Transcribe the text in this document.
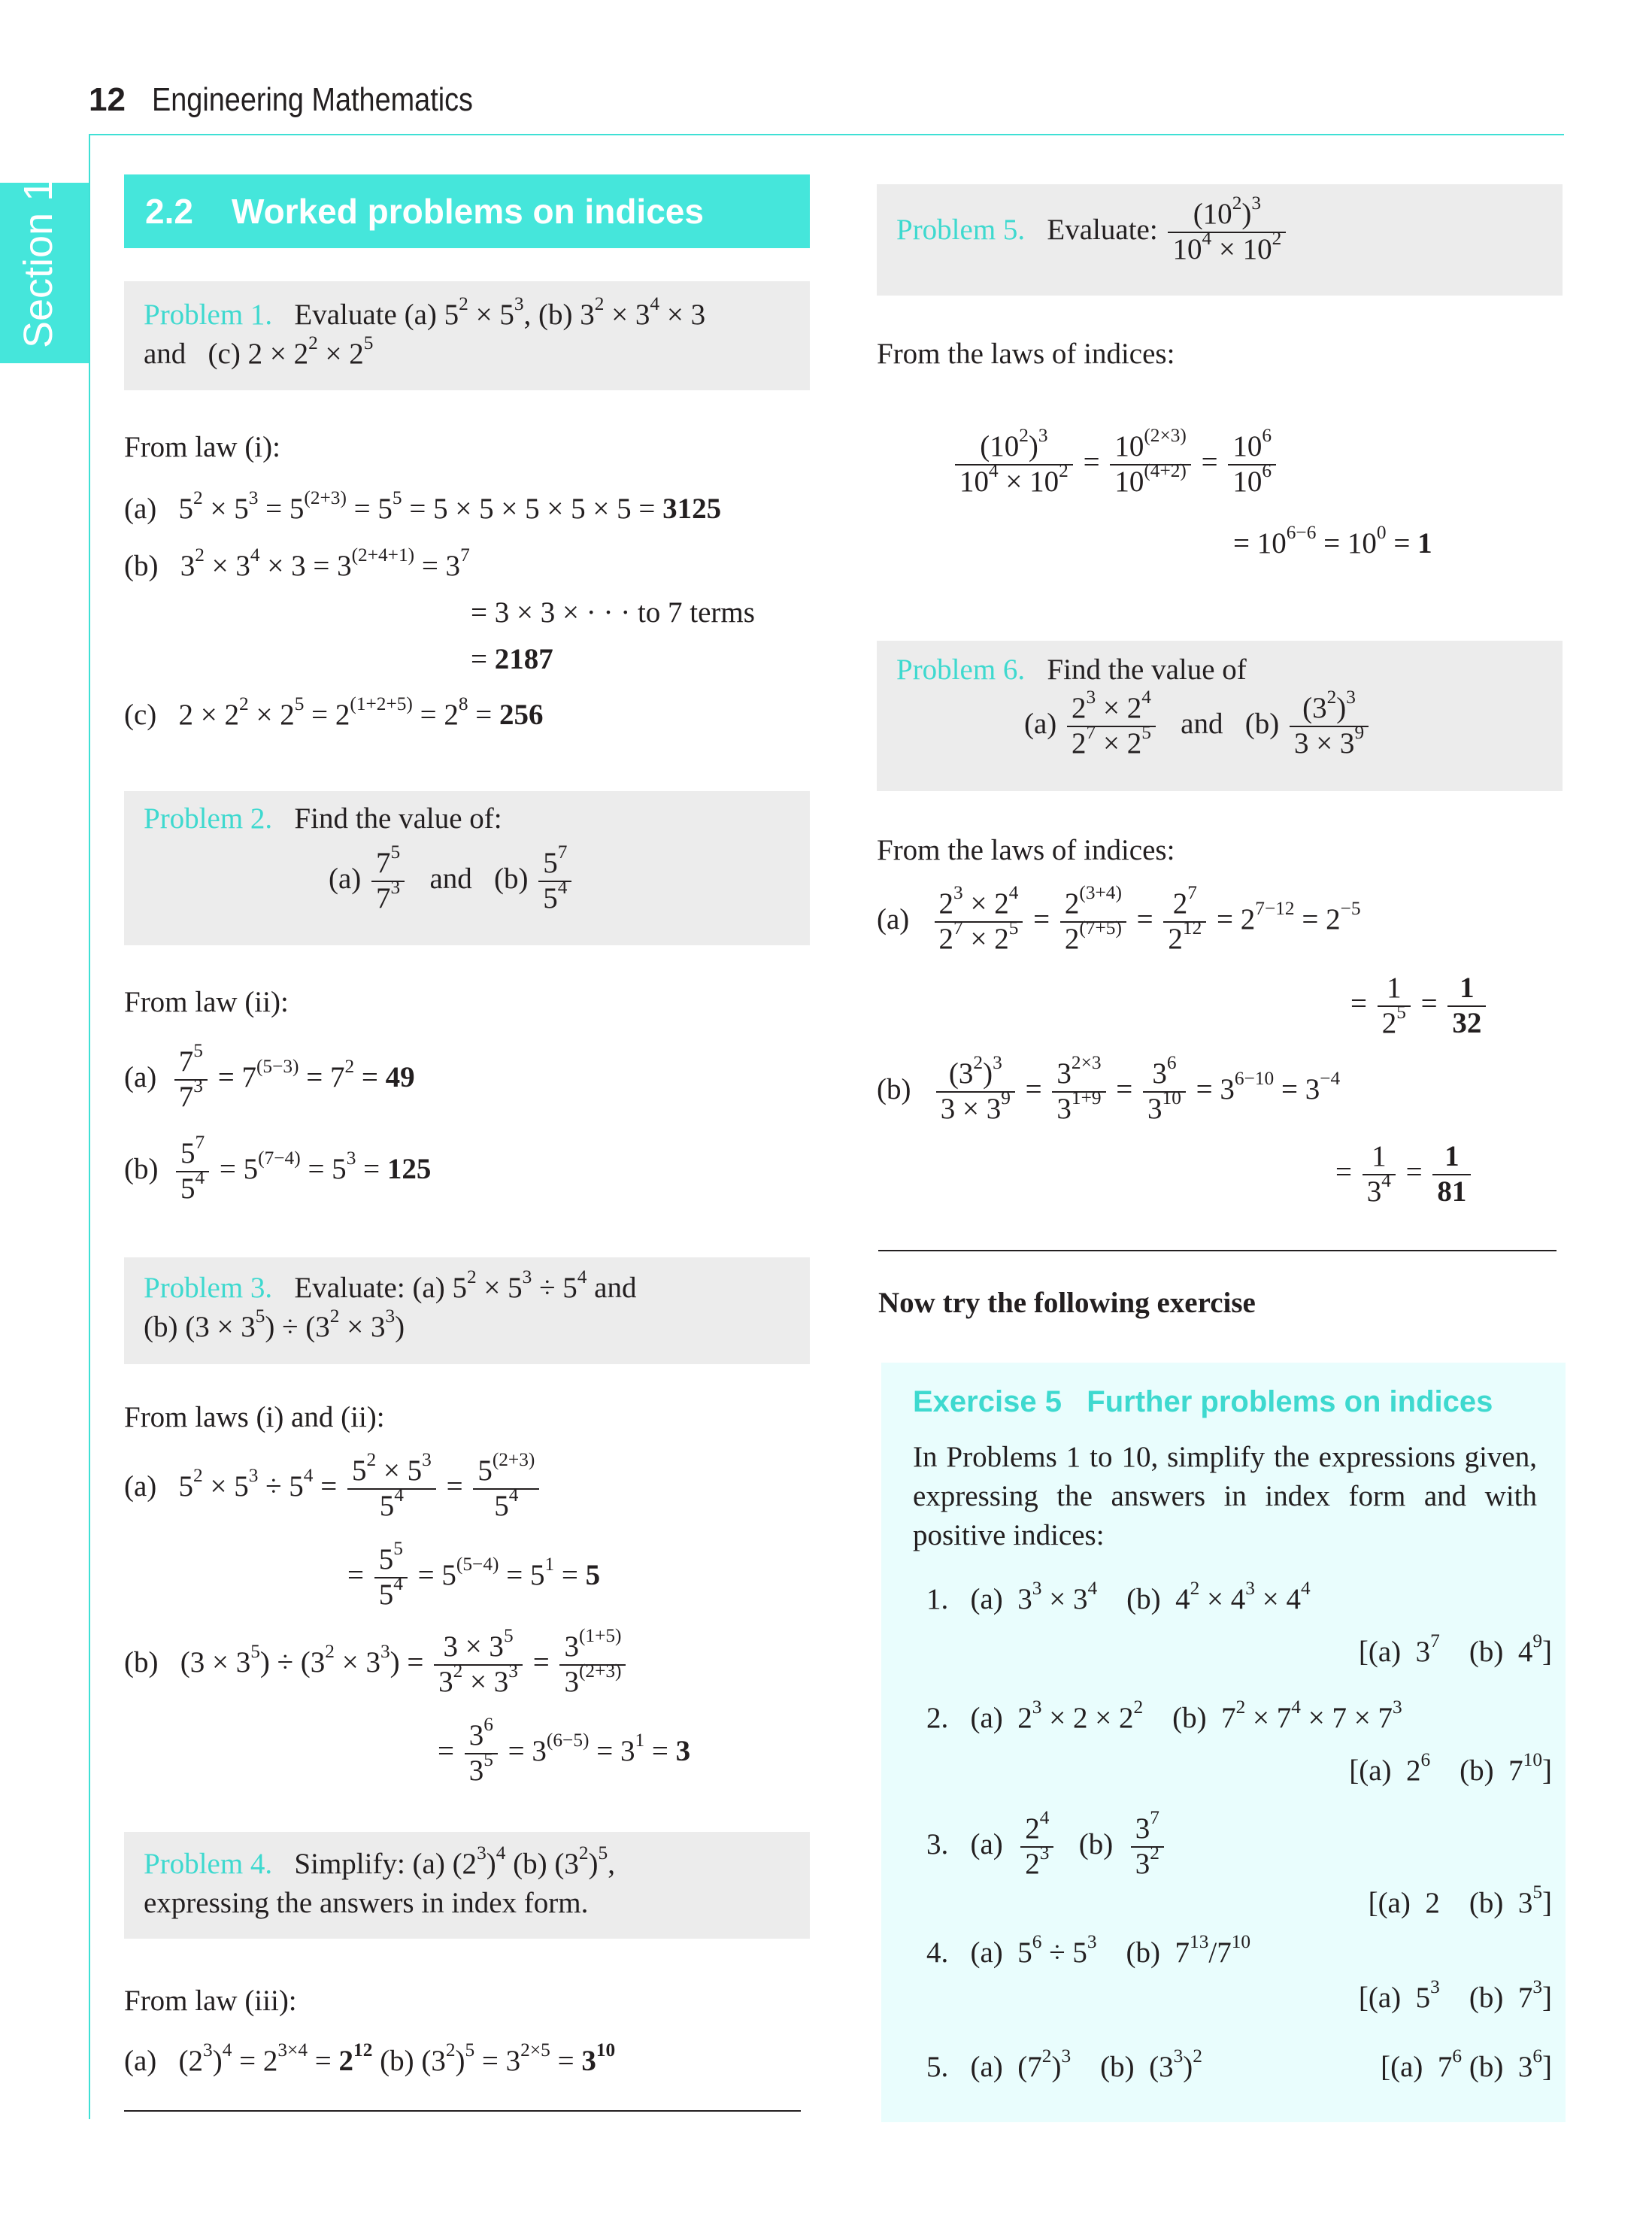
12 Engineering Mathematics
Section 1 2.2 Worked problems on indices
Problem 1. Evaluate (a) $5^2 \times 5^3$, (b) $3^2 \times 3^4 \times 3$
and   (c) $2 \times 2^2 \times 2^5$
From law (i):
(a)   $5^2 \times 5^3 = 5^{(2+3)} = 5^5 = 5 \times 5 \times 5 \times 5 \times 5 = 3125$
(b)   $3^2 \times 3^4 \times 3 = 3^{(2+4+1)} = 3^7$
= 3 × 3 × · · · to 7 terms
= 2187
(c)   $2 \times 2^2 \times 2^5 = 2^{(1+2+5)} = 2^8 = 256$
Problem 2. Find the value of:
$(a) \frac{7^5}{7^3}$ and   $(b) \frac{5^7}{5^4}$
From law (ii):
$(a) \frac{7^5}{7^3} = 7^{(5-3)} = 7^2 = 49$
$(b) \frac{5^7}{5^4} = 5^{(7-4)} = 5^3 = 125$
Problem 3. Evaluate: (a) $5^2 \times 5^3 \div 5^4$ and
(b) $(3 \times 3^5) \div (3^2 \times 3^3)$
From laws (i) and (ii):
(a)   $5^2 \times 5^3 \div 5^4 = \frac{5^2 \times 5^3}{5^4} = \frac{5^{(2+3)}}{5^4}$
= $\frac{5^5}{5^4} = 5^{(5-4)} = 5^1 = 5$
(b)   $(3 \times 3^5) \div (3^2 \times 3^3) = \frac{3 \times 3^5}{3^2 \times 3^3} = \frac{3^{(1+5)}}{3^{(2+3)}}$
= $\frac{3^6}{3^5} = 3^{(6-5)} = 3^1 = 3$
Problem 4. Simplify: (a) $(2^3)^4$ (b) $(3^2)^5$,
expressing the answers in index form.
From law (iii):
(a)   $(2^3)^4 = 2^{3\times 4} = 2^{12}$ (b) $(3^2)^5 = 3^{2\times 5} = 3^{10}$
Problem 5. Evaluate: $\frac{(10^2)^3}{10^4 \times 10^2}$
From the laws of indices:
$\frac{(10^2)^3}{10^4 \times 10^2} = \frac{10^{(2\times 3)}}{10^{(4+2)}} = \frac{10^6}{10^6}$
= $10^{6-6} = 10^0 = 1$
Problem 6. Find the value of
$(a) \frac{2^3 \times 2^4}{2^7 \times 2^5}$ and   $(b) \frac{(3^2)^3}{3 \times 3^9}$
From the laws of indices:
$(a) \frac{2^3 \times 2^4}{2^7 \times 2^5} = \frac{2^{(3+4)}}{2^{(7+5)}} = \frac{2^7}{2^{12}} = 2^{7-12} = 2^{-5}$
= $\frac{1}{2^5} = \frac{1}{32}$
$(b) \frac{(3^2)^3}{3 \times 3^9} = \frac{3^{2\times 3}}{3^{1+9}} = \frac{3^6}{3^{10}} = 3^{6-10} = 3^{-4}$
= $\frac{1}{3^4} = \frac{1}{81}$
Now try the following exercise
Exercise 5 Further problems on indices
In Problems 1 to 10, simplify the expressions given, expressing the answers in index form and with positive indices:
1.   (a)  $3^3 \times 3^4$    (b)  $4^2 \times 4^3 \times 4^4$
[(a)  $3^7$    (b)  $4^9$]
2.   (a)  $2^3 \times 2 \times 2^2$    (b)  $7^2 \times 7^4 \times 7 \times 7^3$
[(a)  $2^6$    (b)  $7^{10}$]
3.   $(a) \frac{2^4}{2^3} (b) \frac{3^7}{3^2}$
[(a)  2    (b)  $3^5$]
4.   (a)  $5^6 \div 5^3$    (b)  $7^{13}/7^{10}$
[(a)  $5^3$    (b)  $7^3$]
5.   (a)  $(7^2)^3$    (b)  $(3^3)^2$	[(a)  $7^6$ (b)  $3^6$]
